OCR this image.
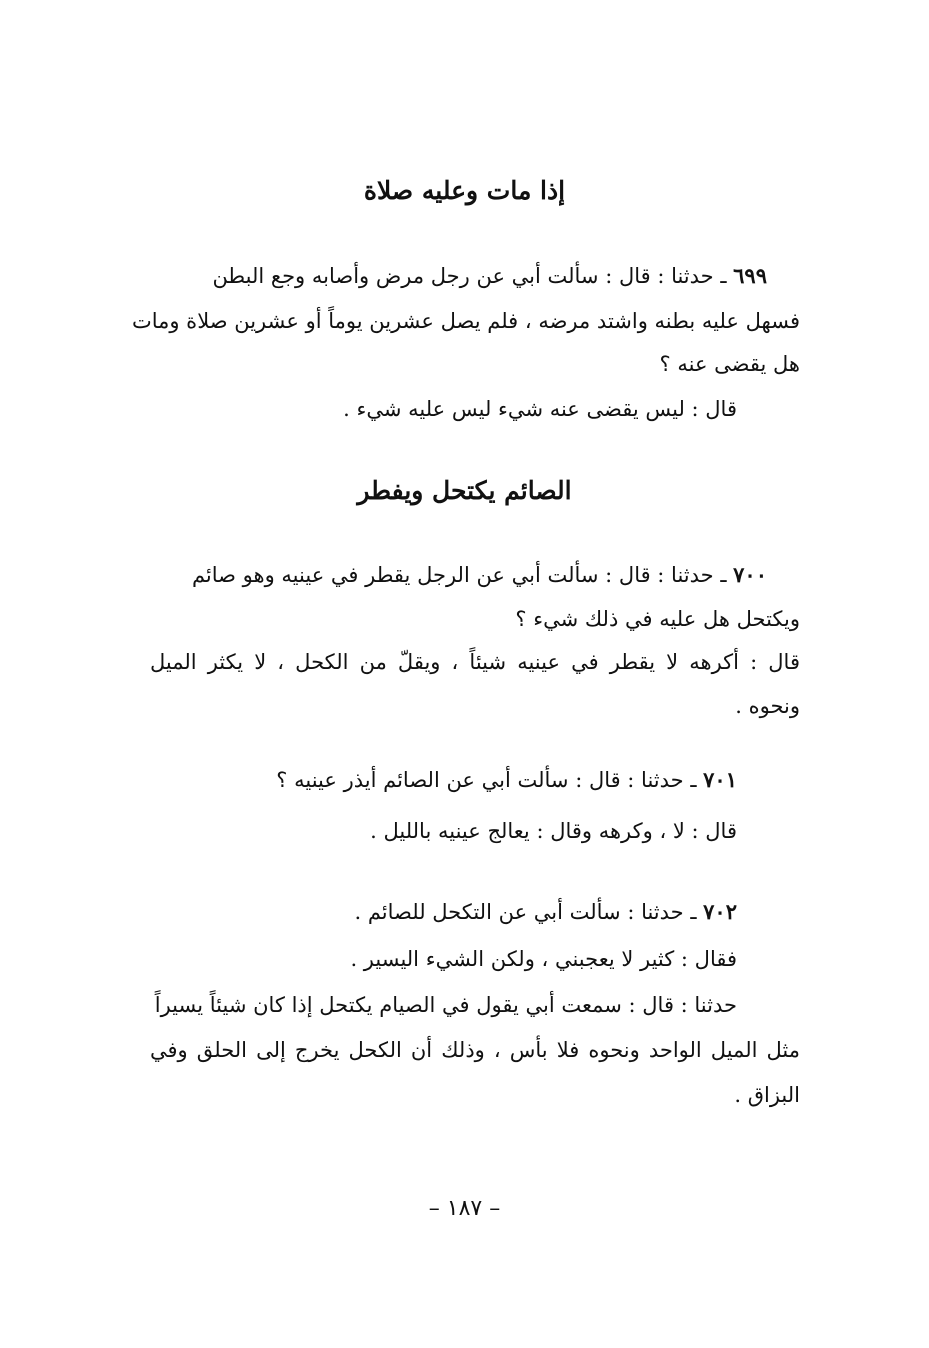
إذا مات وعليه صلاة
٦٩٩ ـ حدثنا : قال : سألت أبي عن رجل مرض وأصابه وجع البطن
فسهل عليه بطنه واشتد مرضه ، فلم يصل عشرين يوماً أو عشرين صلاة ومات
هل يقضى عنه ؟
قال : ليس يقضى عنه شيء ليس عليه شيء .
الصائم يكتحل ويفطر
٧٠٠ ـ حدثنا : قال : سألت أبي عن الرجل يقطر في عينيه وهو صائم
ويكتحل هل عليه في ذلك شيء ؟
قال : أكرهه لا يقطر في عينيه شيئاً ، ويقلّ من الكحل ، لا يكثر الميل
ونحوه .
٧٠١ ـ حدثنا : قال : سألت أبي عن الصائم أيذر عينيه ؟
قال : لا ، وكرهه وقال : يعالج عينيه بالليل .
٧٠٢ ـ حدثنا : سألت أبي عن التكحل للصائم .
فقال : كثير لا يعجبني ، ولكن الشيء اليسير .
حدثنا : قال : سمعت أبي يقول في الصيام يكتحل إذا كان شيئاً يسيراً
مثل الميل الواحد ونحوه فلا بأس ، وذلك أن الكحل يخرج إلى الحلق وفي
البزاق .
– ١٨٧ –
